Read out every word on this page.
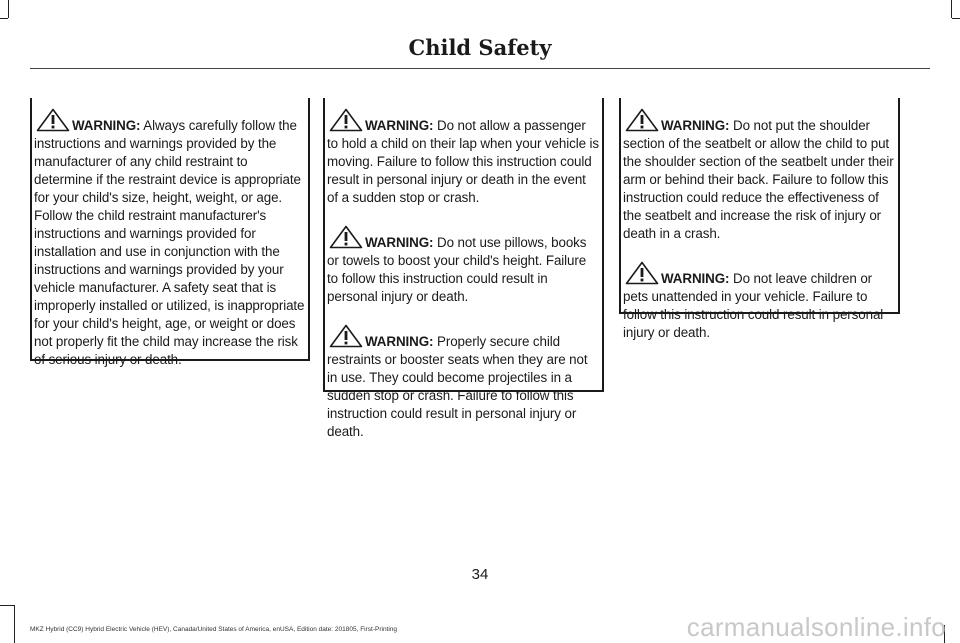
Child Safety

WARNING: Always carefully follow the instructions and warnings provided by the manufacturer of any child restraint to determine if the restraint device is appropriate for your child's size, height, weight, or age. Follow the child restraint manufacturer's instructions and warnings provided for installation and use in conjunction with the instructions and warnings provided by your vehicle manufacturer. A safety seat that is improperly installed or utilized, is inappropriate for your child's height, age, or weight or does not properly fit the child may increase the risk of serious injury or death.

WARNING: Do not allow a passenger to hold a child on their lap when your vehicle is moving. Failure to follow this instruction could result in personal injury or death in the event of a sudden stop or crash.

WARNING: Do not use pillows, books or towels to boost your child's height. Failure to follow this instruction could result in personal injury or death.

WARNING: Properly secure child restraints or booster seats when they are not in use. They could become projectiles in a sudden stop or crash. Failure to follow this instruction could result in personal injury or death.

WARNING: Do not put the shoulder section of the seatbelt or allow the child to put the shoulder section of the seatbelt under their arm or behind their back. Failure to follow this instruction could reduce the effectiveness of the seatbelt and increase the risk of injury or death in a crash.

WARNING: Do not leave children or pets unattended in your vehicle. Failure to follow this instruction could result in personal injury or death.

34
MKZ Hybrid (CC9) Hybrid Electric Vehicle (HEV), Canada/United States of America, enUSA, Edition date: 201805, First-Printing	carmanualsonline.info
